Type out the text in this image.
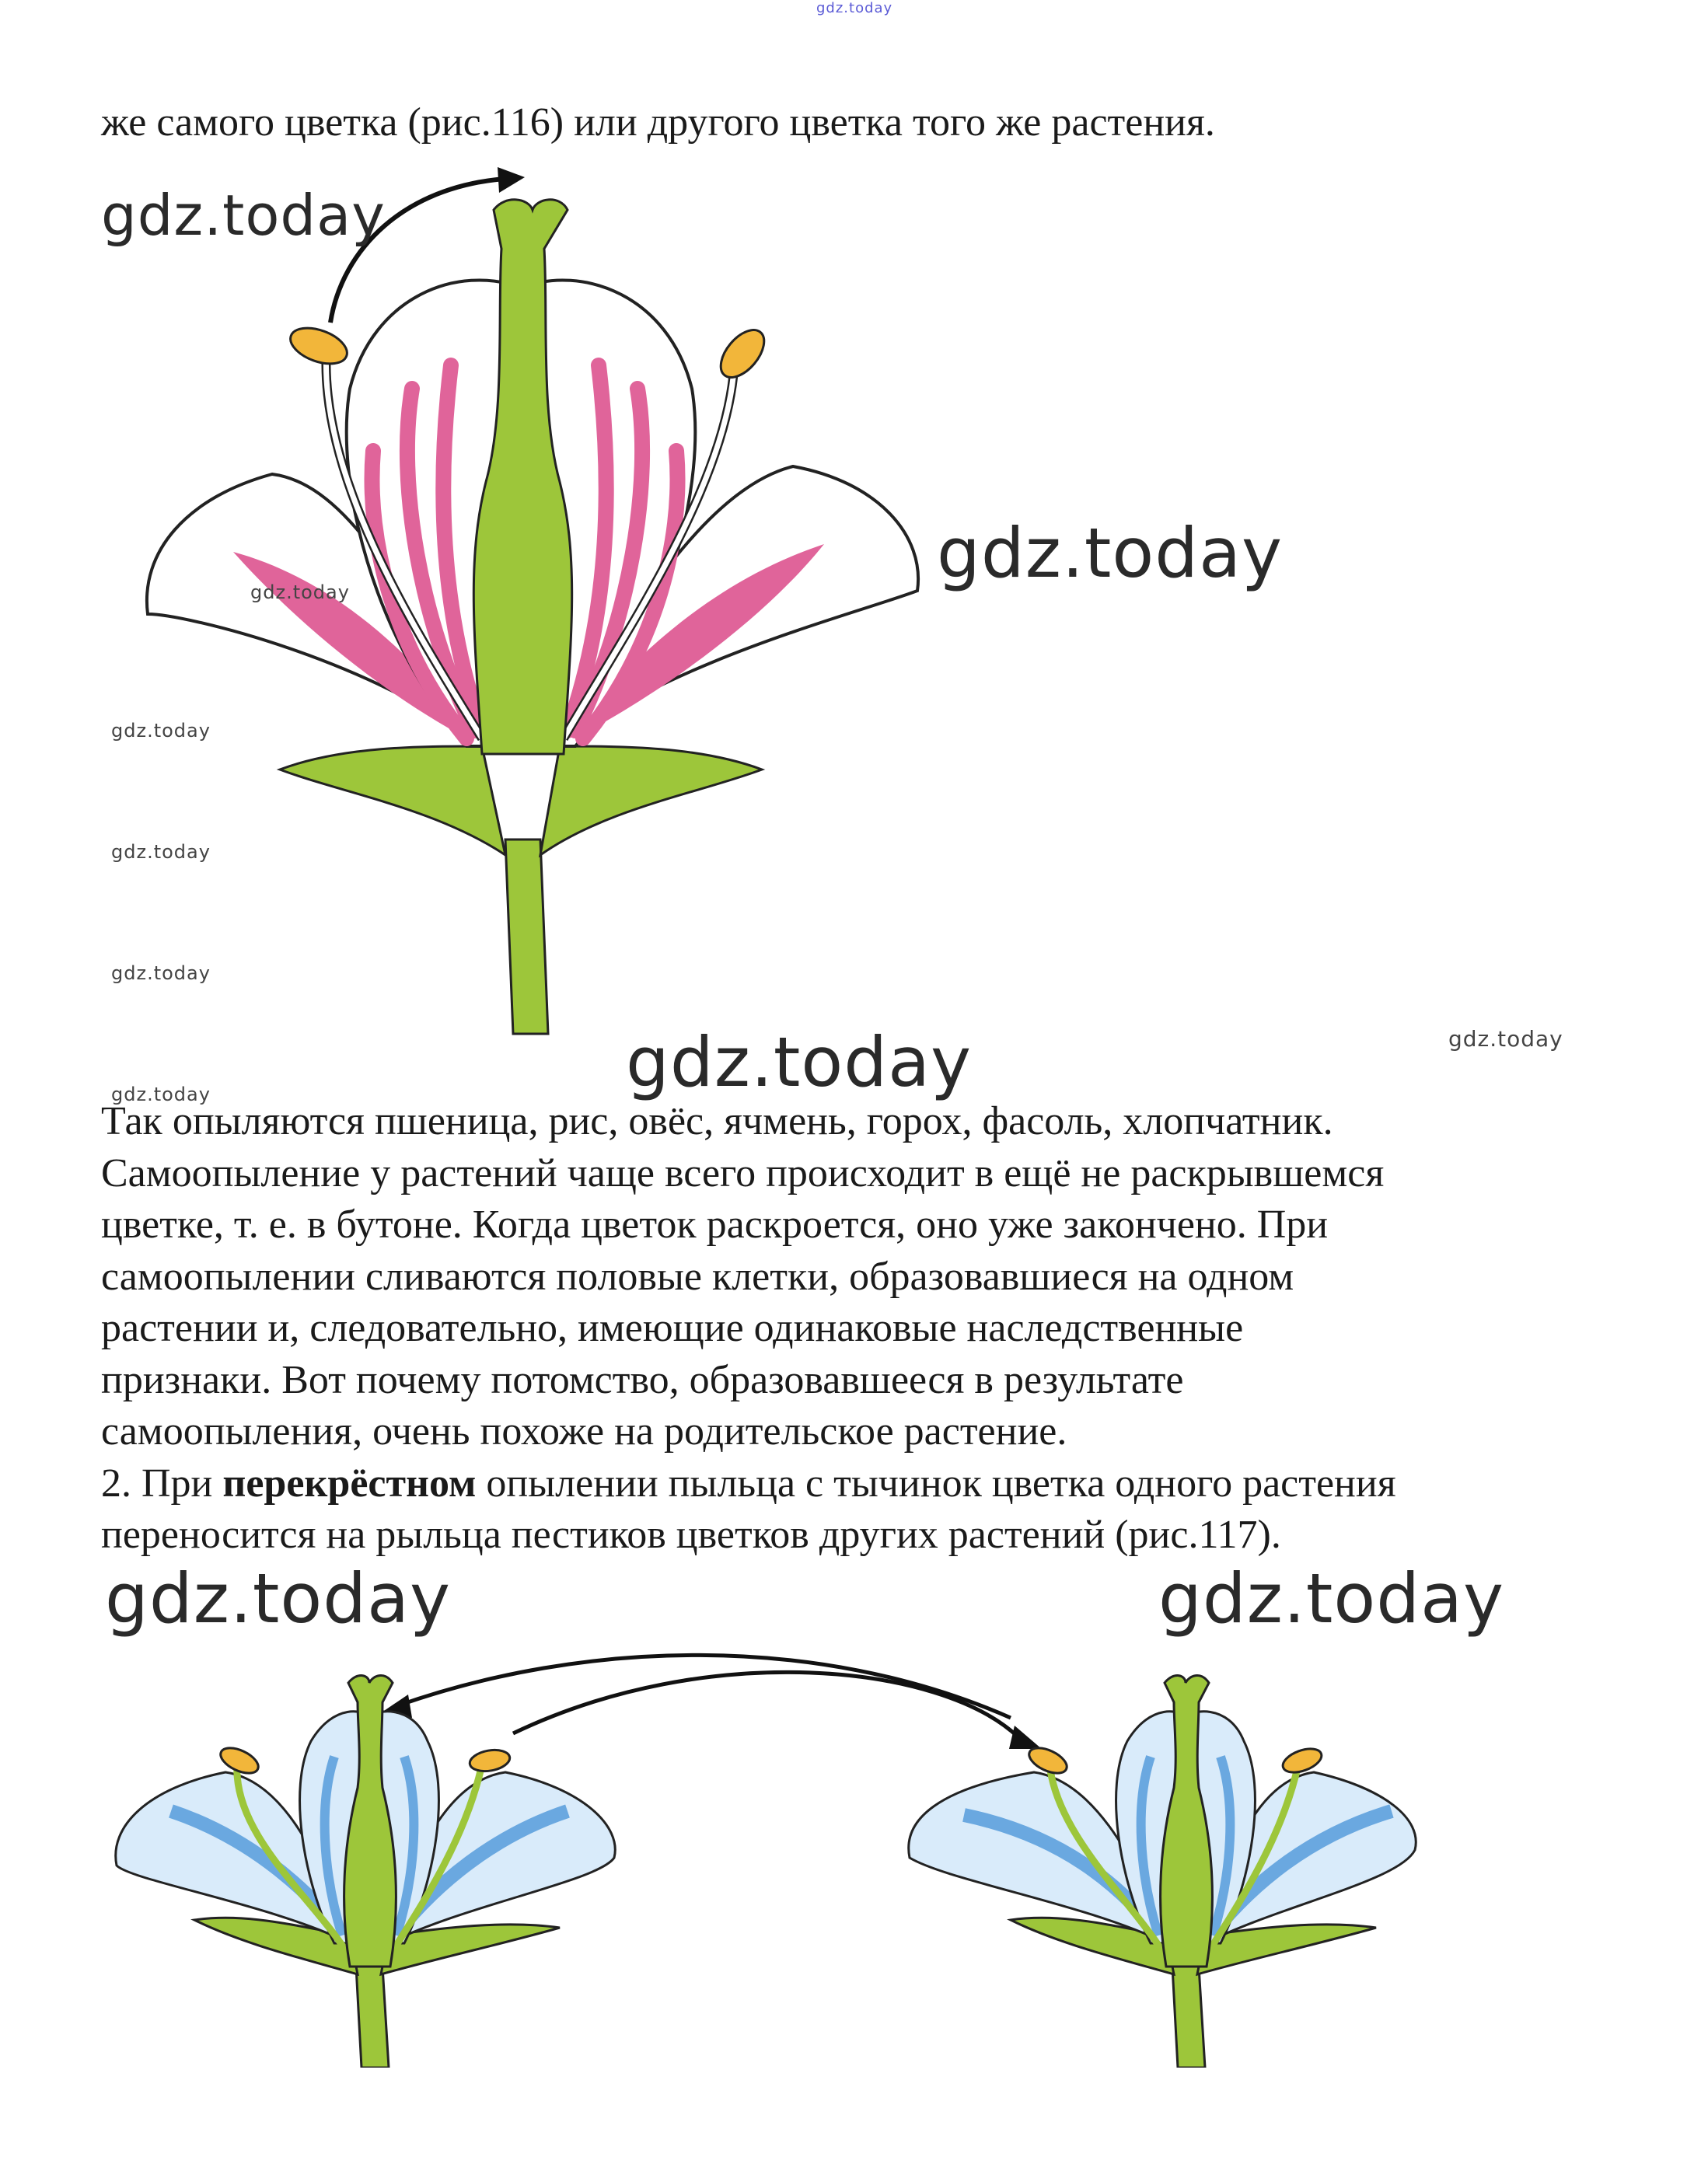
gdz.today
же самого цветка (рис.116) или другого цветка того же растения.
gdz.today
gdz.today
gdz.today
gdz.today
gdz.today
gdz.today
gdz.today
gdz.today
gdz.today

Так опыляются пшеница, рис, овёс, ячмень, горох, фасоль, хлопчатник.

Самоопыление у растений чаще всего происходит в ещё не раскрывшемся

цветке, т. е. в бутоне. Когда цветок раскроется, оно уже закончено. При

самоопылении сливаются половые клетки, образовавшиеся на одном

растении и, следовательно, имеющие одинаковые наследственные

признаки. Вот почему потомство, образовавшееся в результате

самоопыления, очень похоже на родительское растение.

2. При перекрёстном опылении пыльца с тычинок цветка одного растения

переносится на рыльца пестиков цветков других растений (рис.117).

gdz.today	gdz.today
